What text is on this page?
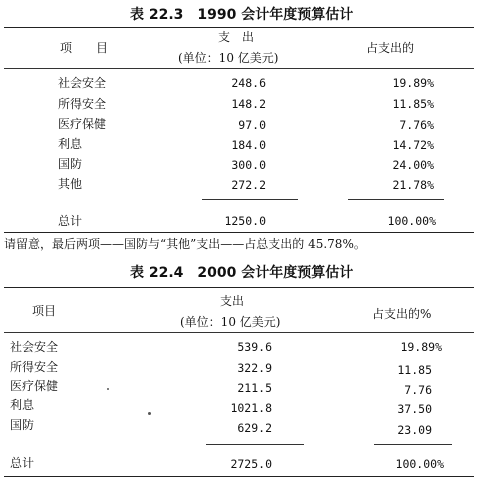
表 22.3　1990 会计年度预算估计
项　　目
支　出
(单位：10 亿美元)
占支出的
社会安全	248.6	19.89%
所得安全	148.2	11.85%
医疗保健	97.0	7.76%
利息	184.0	14.72%
国防	300.0	24.00%
其他	272.2	21.78%
总计	1250.0	100.00%
请留意，最后两项——国防与“其他”支出——占总支出的 45.78%。
表 22.4　2000 会计年度预算估计
项目
支出
(单位：10 亿美元)
占支出的%
社会安全	539.6	19.89%
所得安全	322.9	11.85
医疗保健	211.5	7.76
利息	1021.8	37.50
国防	629.2	23.09
总计	2725.0	100.00%
